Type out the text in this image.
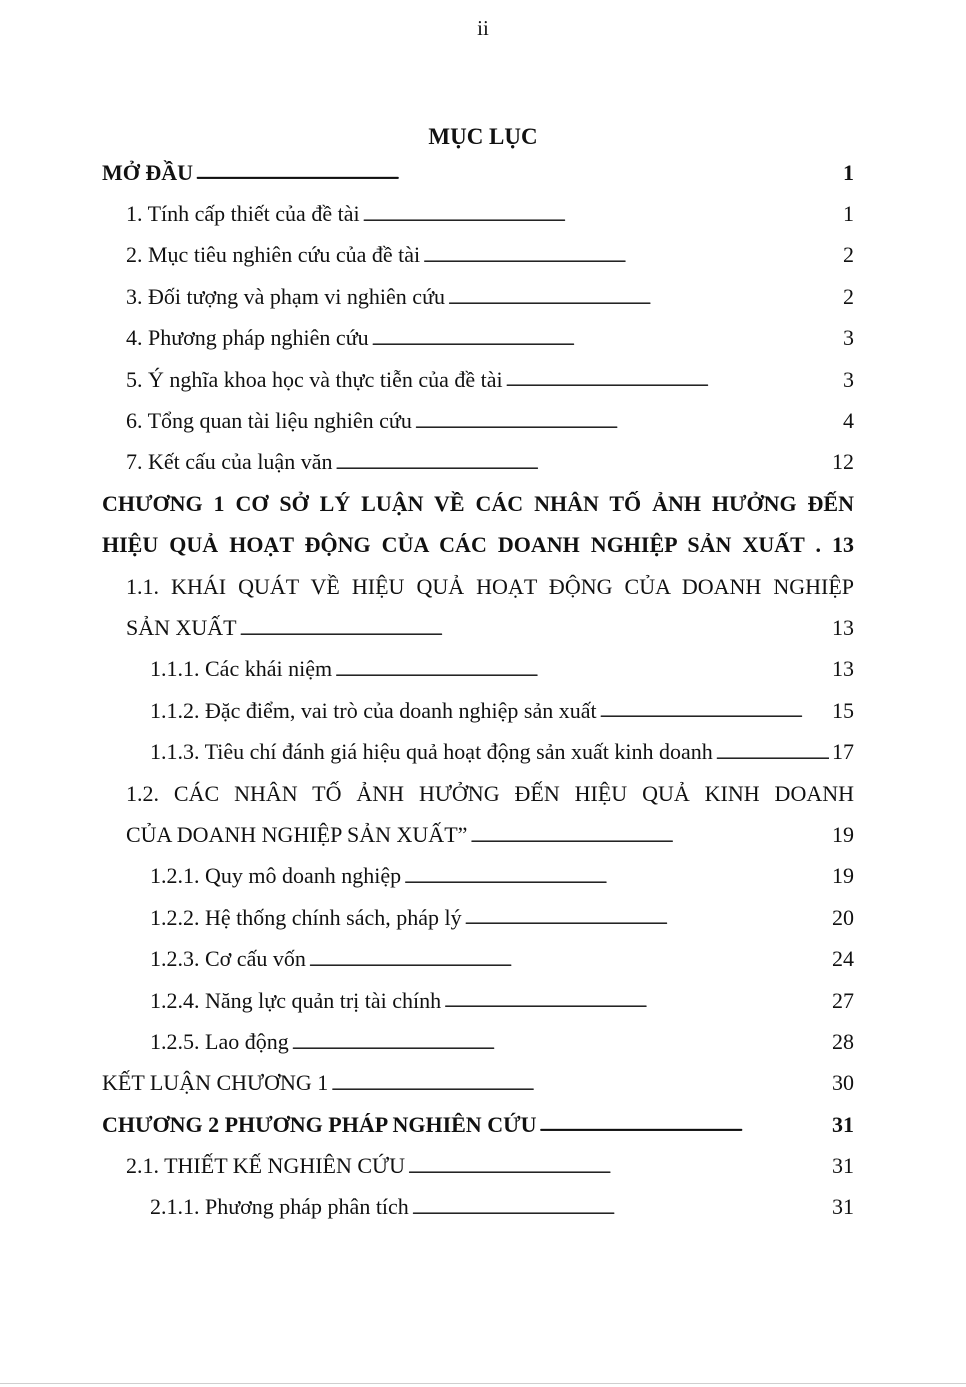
ii
MỤC LỤC
MỞ ĐẦU . . .	1
1. Tính cấp thiết của đề tài . . .	1
2. Mục tiêu nghiên cứu của đề tài . . .	2
3. Đối tượng và phạm vi nghiên cứu . . .	2
4. Phương pháp nghiên cứu . . .	3
5. Ý nghĩa khoa học và thực tiễn của đề tài . . .	3
6. Tổng quan tài liệu nghiên cứu . . .	4
7. Kết cấu của luận văn . . .	12
CHƯƠNG 1 CƠ SỞ LÝ LUẬN VỀ CÁC NHÂN TỐ ẢNH HƯỞNG ĐẾN
HIỆU QUẢ HOẠT ĐỘNG CỦA CÁC DOANH NGHIỆP SẢN XUẤT . 13
1.1. KHÁI QUÁT VỀ HIỆU QUẢ HOẠT ĐỘNG CỦA DOANH NGHIỆP
SẢN XUẤT . . .	13
1.1.1. Các khái niệm . . .	13
1.1.2. Đặc điểm, vai trò của doanh nghiệp sản xuất . . .	15
1.1.3. Tiêu chí đánh giá hiệu quả hoạt động sản xuất kinh doanh . . .	17
1.2. CÁC NHÂN TỐ ẢNH HƯỞNG ĐẾN HIỆU QUẢ KINH DOANH
CỦA DOANH NGHIỆP SẢN XUẤT” . . .	19
1.2.1. Quy mô doanh nghiệp . . .	19
1.2.2. Hệ thống chính sách, pháp lý . . .	20
1.2.3. Cơ cấu vốn . . .	24
1.2.4. Năng lực quản trị tài chính . . .	27
1.2.5. Lao động . . .	28
KẾT LUẬN CHƯƠNG 1 . . .	30
CHƯƠNG 2 PHƯƠNG PHÁP NGHIÊN CỨU . . .	31
2.1. THIẾT KẾ NGHIÊN CỨU . . .	31
2.1.1. Phương pháp phân tích . . .	31
